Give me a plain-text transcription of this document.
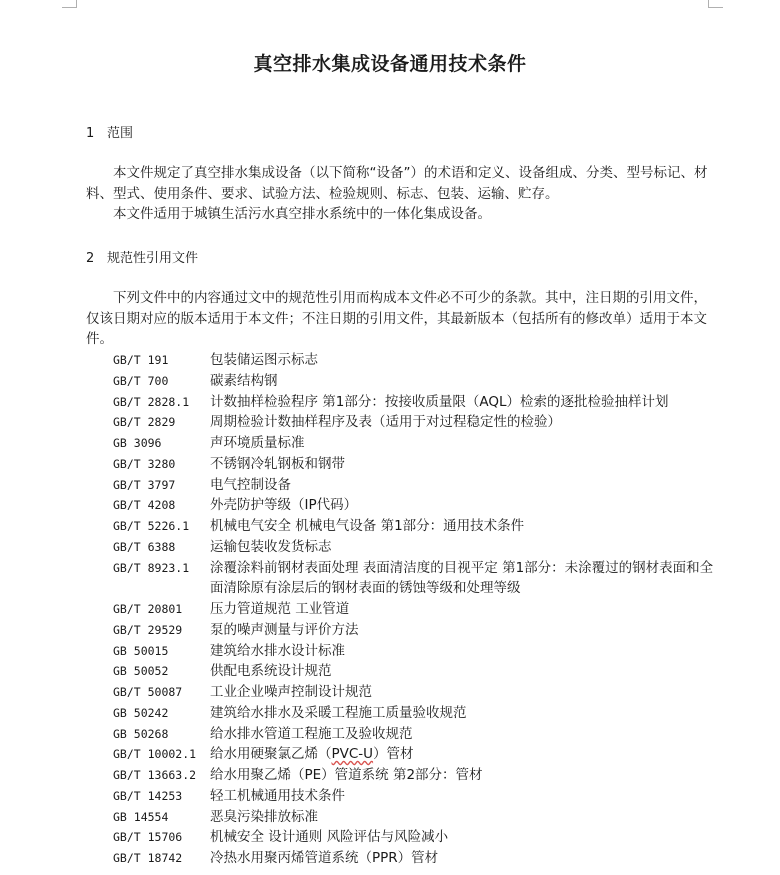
真空排水集成设备通用技术条件
1 范围
本文件规定了真空排水集成设备（以下简称“设备”）的术语和定义、设备组成、分类、型号标记、材料、型式、使用条件、要求、试验方法、检验规则、标志、包装、运输、贮存。
本文件适用于城镇生活污水真空排水系统中的一体化集成设备。
2 规范性引用文件
下列文件中的内容通过文中的规范性引用而构成本文件必不可少的条款。其中，注日期的引用文件，仅该日期对应的版本适用于本文件；不注日期的引用文件，其最新版本（包括所有的修改单）适用于本文件。
GB/T 191	包装储运图示标志
GB/T 700	碳素结构钢
GB/T 2828.1	计数抽样检验程序 第1部分：按接收质量限（AQL）检索的逐批检验抽样计划
GB/T 2829	周期检验计数抽样程序及表（适用于对过程稳定性的检验）
GB 3096	声环境质量标准
GB/T 3280	不锈钢冷轧钢板和钢带
GB/T 3797	电气控制设备
GB/T 4208	外壳防护等级（IP代码）
GB/T 5226.1	机械电气安全 机械电气设备 第1部分：通用技术条件
GB/T 6388	运输包装收发货标志
GB/T 8923.1	涂覆涂料前钢材表面处理 表面清洁度的目视平定 第1部分：未涂覆过的钢材表面和全面清除原有涂层后的钢材表面的锈蚀等级和处理等级
GB/T 20801	压力管道规范 工业管道
GB/T 29529	泵的噪声测量与评价方法
GB 50015	建筑给水排水设计标准
GB 50052	供配电系统设计规范
GB/T 50087	工业企业噪声控制设计规范
GB 50242	建筑给水排水及采暖工程施工质量验收规范
GB 50268	给水排水管道工程施工及验收规范
GB/T 10002.1	给水用硬聚氯乙烯（PVC-U）管材
GB/T 13663.2	给水用聚乙烯（PE）管道系统 第2部分：管材
GB/T 14253	轻工机械通用技术条件
GB 14554	恶臭污染排放标准
GB/T 15706	机械安全 设计通则 风险评估与风险减小
GB/T 18742	冷热水用聚丙烯管道系统（PPR）管材
